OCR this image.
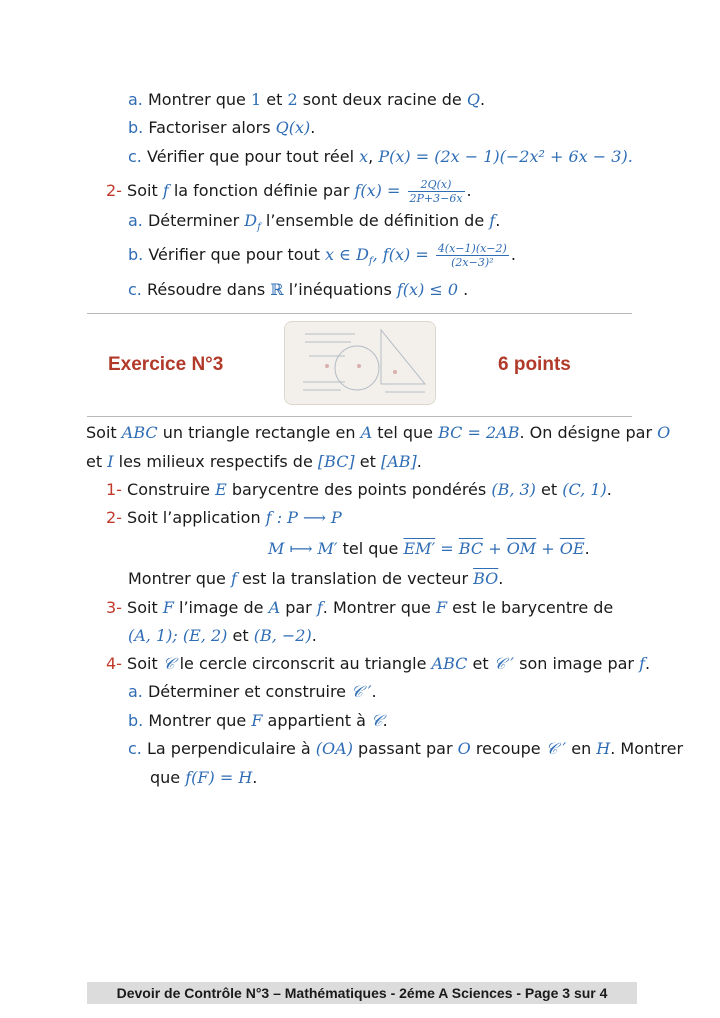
a. Montrer que 1 et 2 sont deux racine de Q.
b. Factoriser alors Q(x).
c. Vérifier que pour tout réel x, P(x) = (2x − 1)(−2x² + 6x − 3).
2- Soit f la fonction définie par $f(x) = \frac{2Q(x)}{2P+3-6x}$ .
a. Déterminer $D_f$ l’ensemble de définition de f.
b. Vérifier que pour tout x ∈ $D_f$, $f(x) = \frac{4(x-1)(x-2)}{\text{(2x−3)²}}$ .
c. Résoudre dans ℝ l’inéquations f(x) ≤ 0 .
Exercice N°3	6 points
Soit ABC un triangle rectangle en A tel que BC = 2AB. On désigne par O
et I les milieux respectifs de [BC] et [AB].
1- Construire E barycentre des points pondérés (B, 3) et (C, 1).
2- Soit l’application f : P ⟶ P
M ⟼ M′ tel que $EM' = \overline{BC} + \overline{OM} + \overline{OE}$.
Montrer que f est la translation de vecteur $\overline{BO}$.
3- Soit F l’image de A par f. Montrer que F est le barycentre de
(A, 1); (E, 2) et (B, −2).
4- Soit 𝒞 le cercle circonscrit au triangle ABC et 𝒞 ′ son image par f.
a. Déterminer et construire 𝒞 ′.
b. Montrer que F appartient à 𝒞.
c. La perpendiculaire à (OA) passant par O recoupe 𝒞 ′ en H. Montrer
que f(F) = H.
Devoir de Contrôle N°3 – Mathématiques - 2éme A Sciences - Page 3 sur 4
